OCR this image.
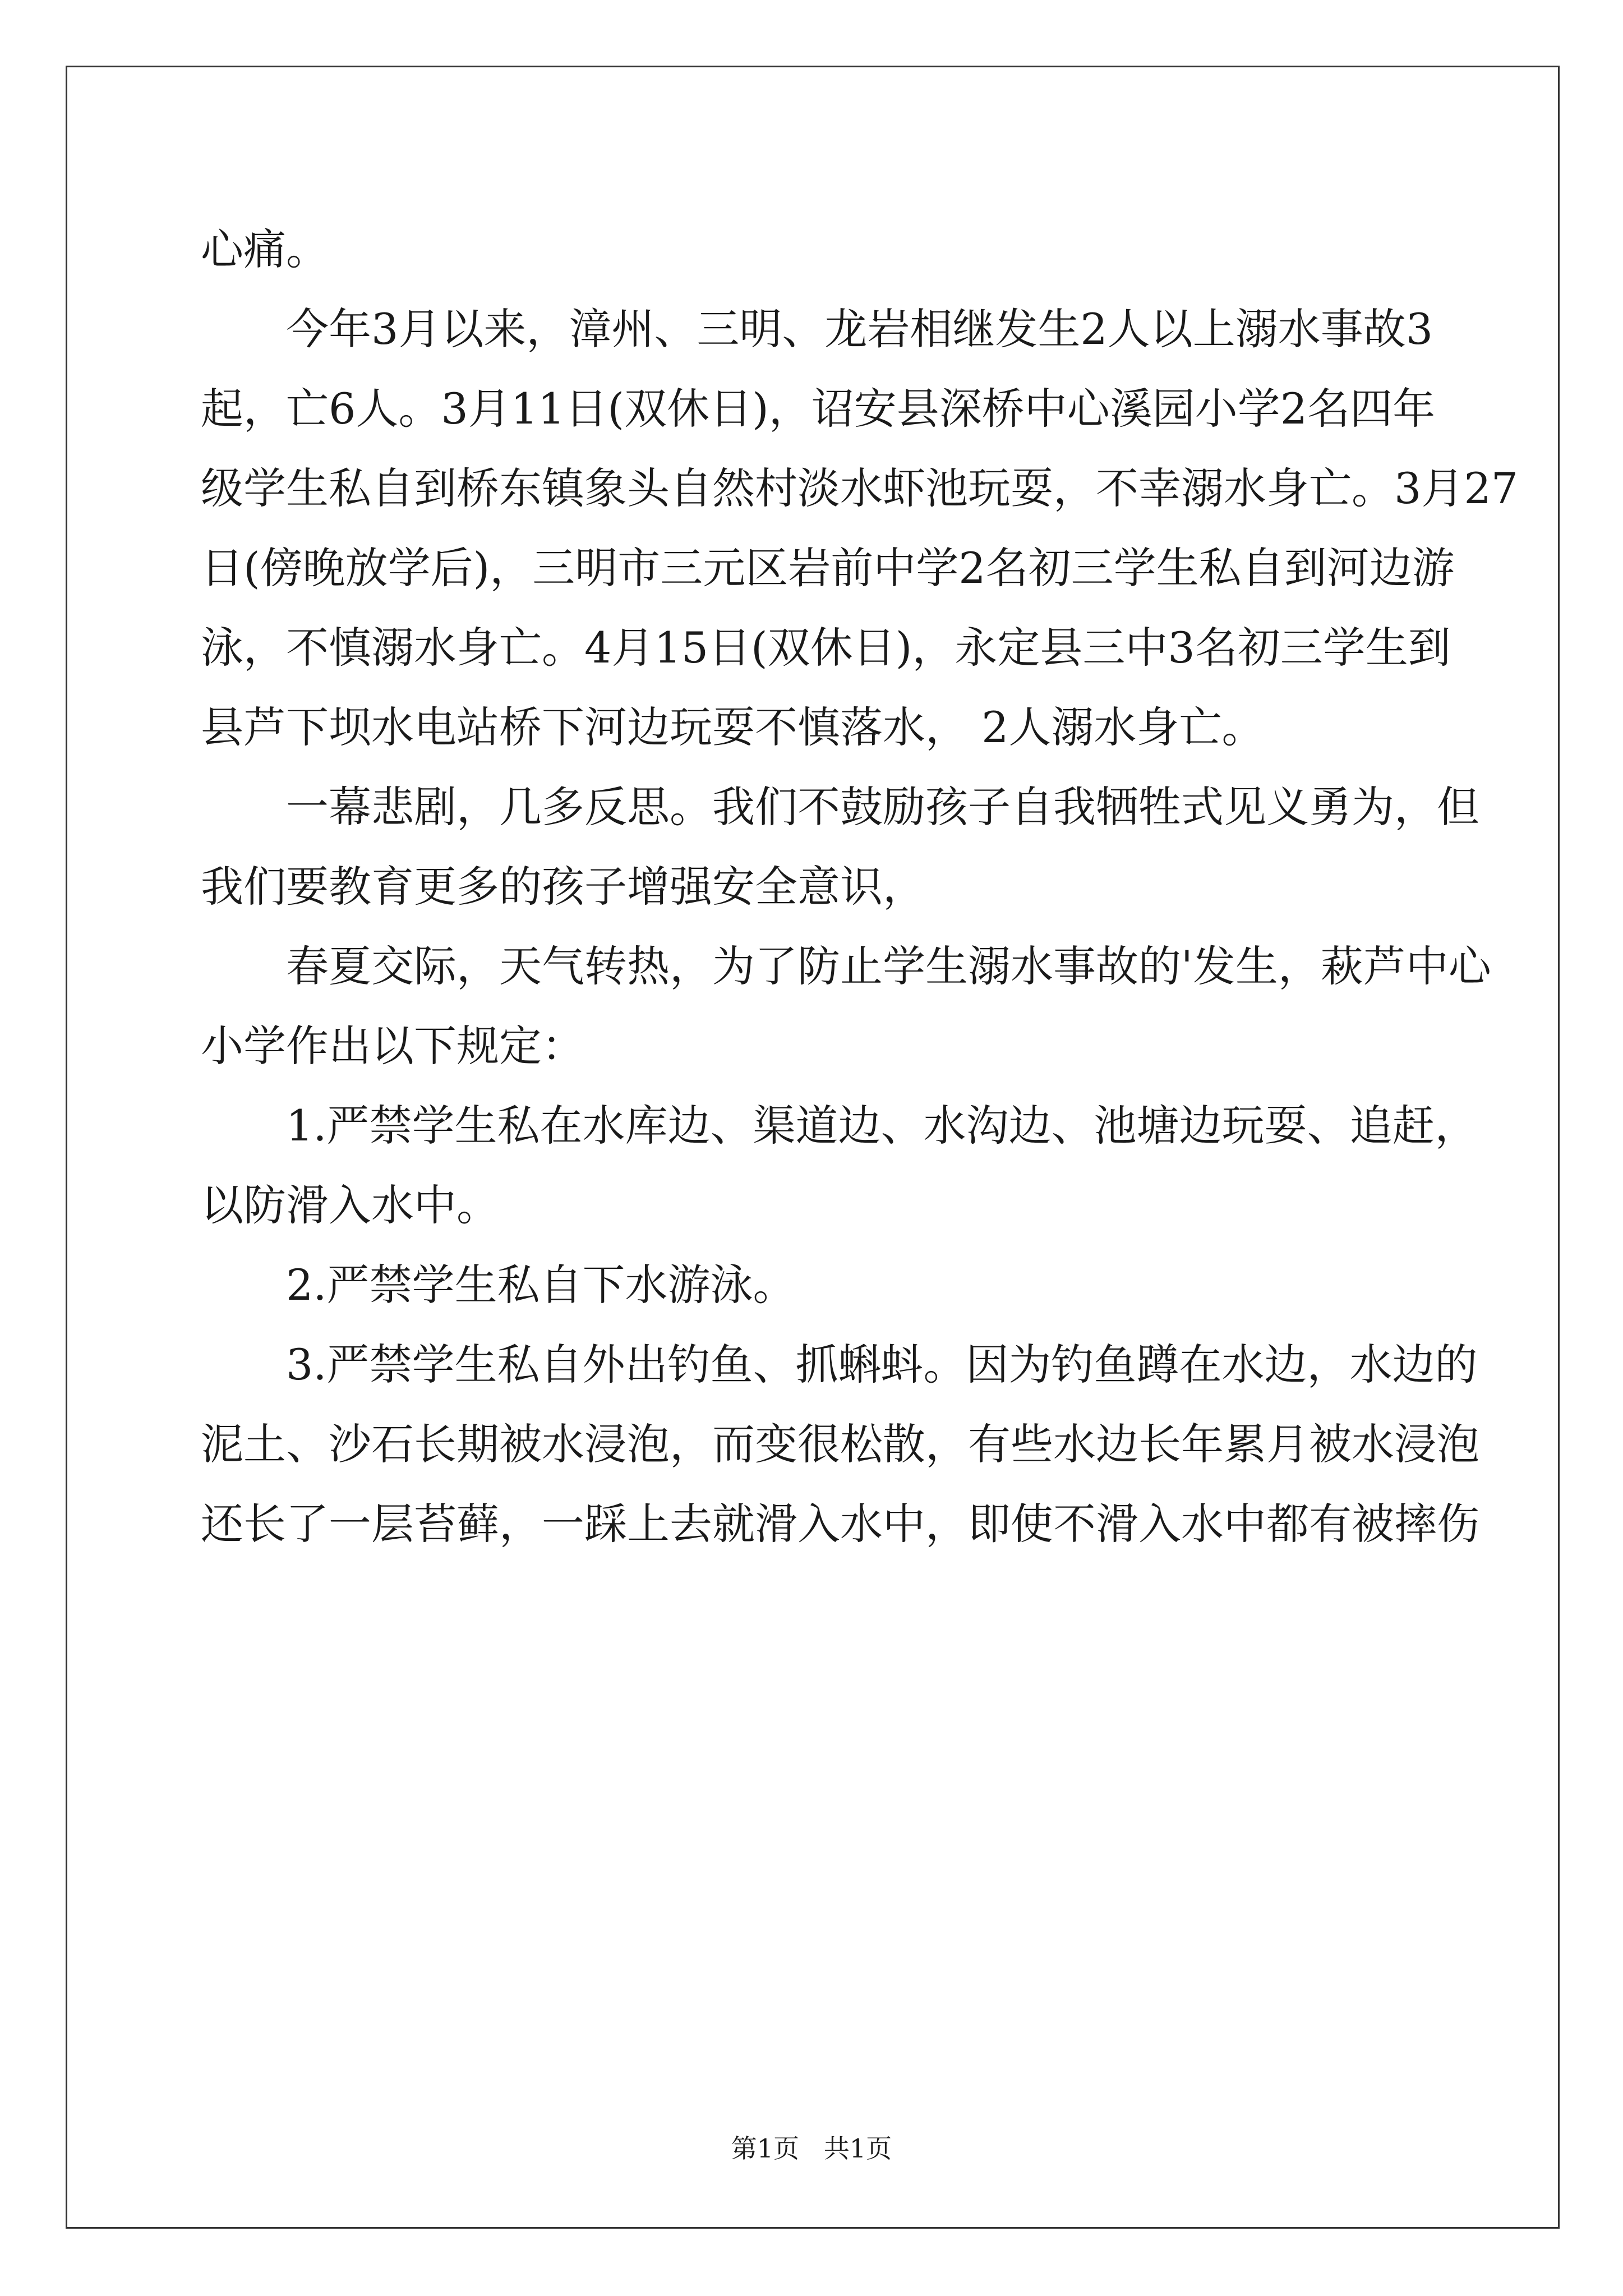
心痛。
　　今年3月以来，漳州、三明、龙岩相继发生2人以上溺水事故3
起，亡6人。3月11日(双休日)，诏安县深桥中心溪园小学2名四年
级学生私自到桥东镇象头自然村淡水虾池玩耍，不幸溺水身亡。3月27
日(傍晚放学后)，三明市三元区岩前中学2名初三学生私自到河边游
泳，不慎溺水身亡。4月15日(双休日)，永定县三中3名初三学生到
县芦下坝水电站桥下河边玩耍不慎落水， 2人溺水身亡。
　　一幕悲剧，几多反思。我们不鼓励孩子自我牺牲式见义勇为，但
我们要教育更多的孩子增强安全意识，
　　春夏交际，天气转热，为了防止学生溺水事故的'发生，萩芦中心
小学作出以下规定：
　　1.严禁学生私在水库边、渠道边、水沟边、池塘边玩耍、追赶，
以防滑入水中。
　　2.严禁学生私自下水游泳。
　　3.严禁学生私自外出钓鱼、抓蝌蚪。因为钓鱼蹲在水边，水边的
泥土、沙石长期被水浸泡，而变很松散，有些水边长年累月被水浸泡
还长了一层苔藓，一踩上去就滑入水中，即使不滑入水中都有被摔伤
第1页   共1页
